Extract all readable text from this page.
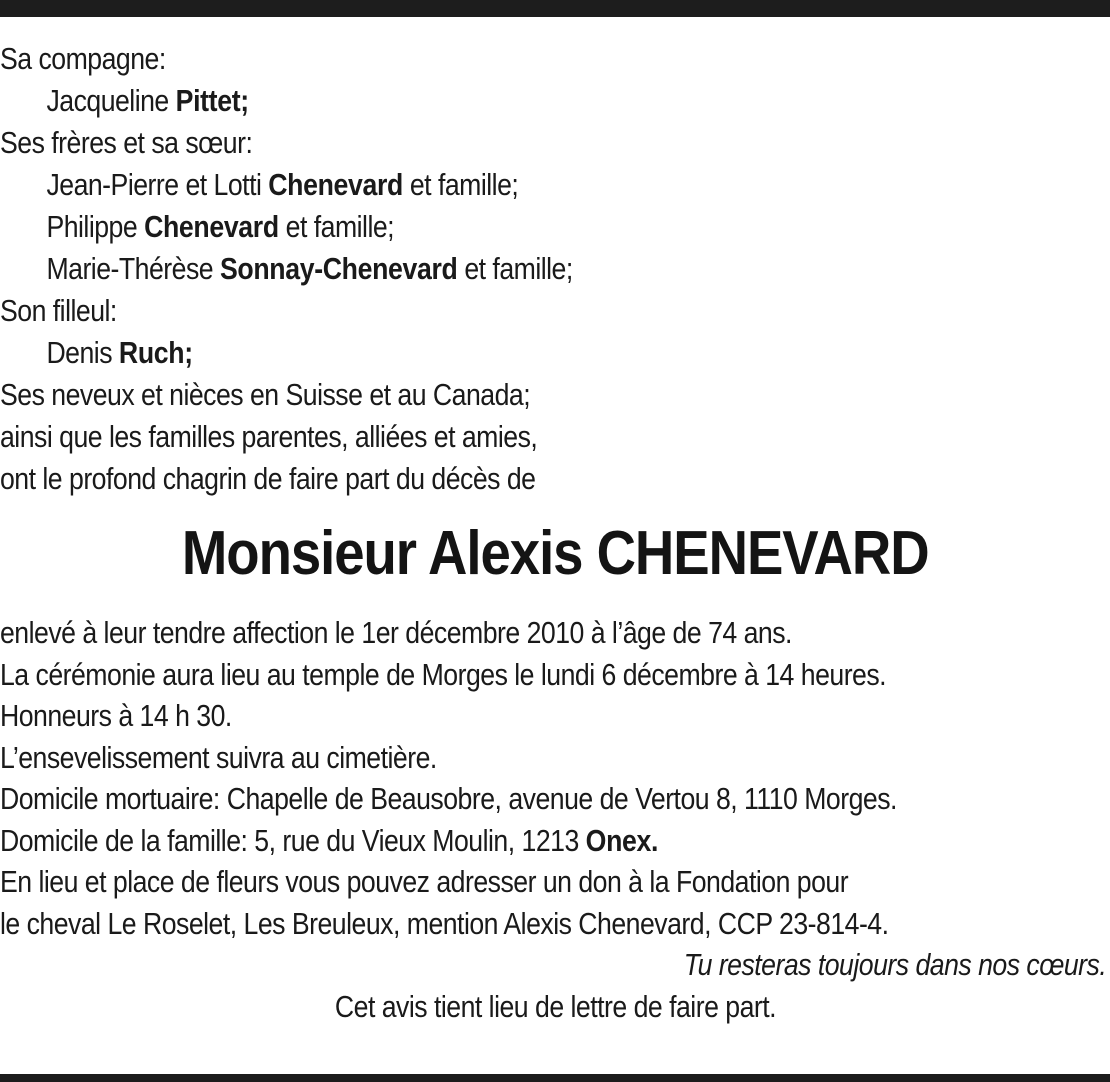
Sa compagne:
Jacqueline Pittet;
Ses frères et sa sœur:
Jean-Pierre et Lotti Chenevard et famille;
Philippe Chenevard et famille;
Marie-Thérèse Sonnay-Chenevard et famille;
Son filleul:
Denis Ruch;
Ses neveux et nièces en Suisse et au Canada;
ainsi que les familles parentes, alliées et amies,
ont le profond chagrin de faire part du décès de
Monsieur Alexis CHENEVARD
enlevé à leur tendre affection le 1er décembre 2010 à l’âge de 74 ans.
La cérémonie aura lieu au temple de Morges le lundi 6 décembre à 14 heures.
Honneurs à 14 h 30.
L’ensevelissement suivra au cimetière.
Domicile mortuaire: Chapelle de Beausobre, avenue de Vertou 8, 1110 Morges.
Domicile de la famille: 5, rue du Vieux Moulin, 1213 Onex.
En lieu et place de fleurs vous pouvez adresser un don à la Fondation pour
le cheval Le Roselet, Les Breuleux, mention Alexis Chenevard, CCP 23-814-4.
Tu resteras toujours dans nos cœurs.
Cet avis tient lieu de lettre de faire part.
